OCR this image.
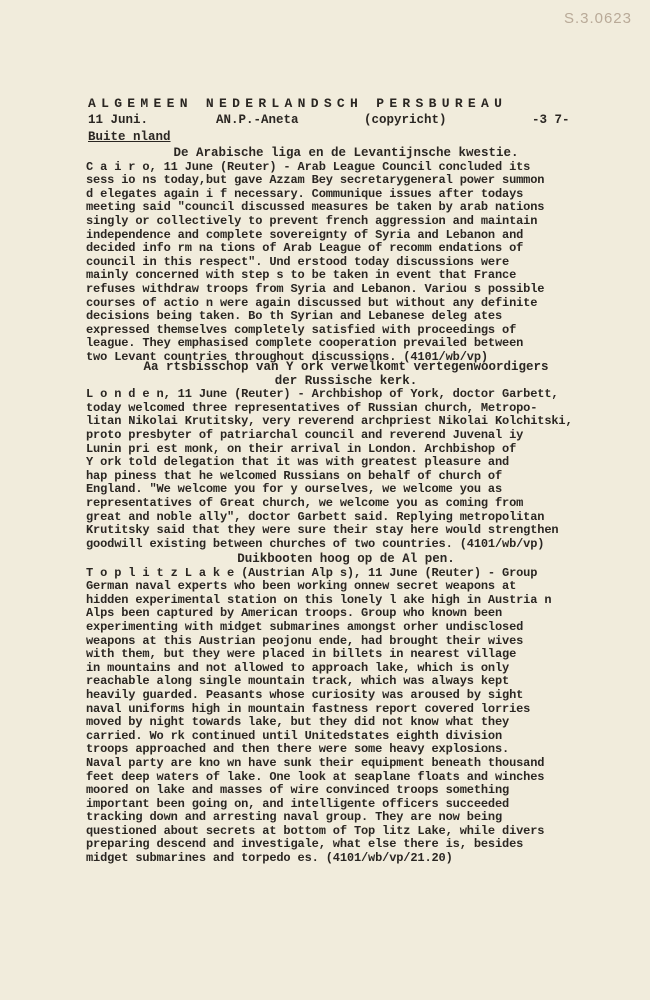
S.3.0623
ALGEMEEN NEDERLANDSCH PERSBUREAU
11 Juni.	AN.P.-Aneta	(copyricht)	-3 7-
Buite nland

De Arabische liga en de Levantijnsche kwestie.

C a i r o, 11 June (Reuter) - Arab League Council concluded its
sess io ns today,but gave Azzam Bey secretarygeneral power summon
d elegates again i f necessary. Communique issues after todays
meeting said "council discussed measures be taken by arab nations
singly or collectively to prevent french aggression and maintain
independence and complete sovereignty of Syria and Lebanon and
decided info rm na tions of Arab League of recomm endations of
council in this respect". Und erstood today discussions were
mainly concerned with step s to be taken in event that France
refuses withdraw troops from Syria and Lebanon. Variou s possible
courses of actio n were again discussed but without any definite
decisions being taken. Bo th Syrian and Lebanese deleg ates
expressed themselves completely satisfied with proceedings of
league. They emphasised complete cooperation prevailed between
two Levant countries throughout discussions. (4101/wb/vp)

Aa rtsbisschop van Y ork verwelkomt vertegenwoordigers
der Russische kerk.

L o n d e n, 11 June (Reuter) - Archbishop of York, doctor Garbett,
today welcomed three representatives of Russian church, Metropo-
litan Nikolai Krutitsky, very reverend archpriest Nikolai Kolchitski,
proto presbyter of patriarchal council and reverend Juvenal iy
Lunin pri est monk, on their arrival in London. Archbishop of
Y ork told delegation that it was with greatest pleasure and
hap piness that he welcomed Russians on behalf of church of
England. "We welcome you for y ourselves, we welcome you as
representatives of Great church, we welcome you as coming from
great and noble ally", doctor Garbett said. Replying metropolitan
Krutitsky said that they were sure their stay here would strengthen
goodwill existing between churches of two countries. (4101/wb/vp)

Duikbooten hoog op de Al pen.

T o p l i t z L a k e (Austrian Alp s), 11 June (Reuter) - Group
German naval experts who been working onnew secret weapons at
hidden experimental station on this lonely l ake high in Austria n
Alps been captured by American troops. Group who known been
experimenting with midget submarines amongst orher undisclosed
weapons at this Austrian peojonu ende, had brought their wives
with them, but they were placed in billets in nearest village
in mountains and not allowed to approach lake, which is only
reachable along single mountain track, which was always kept
heavily guarded. Peasants whose curiosity was aroused by sight
naval uniforms high in mountain fastness report covered lorries
moved by night towards lake, but they did not know what they
carried. Wo rk continued until Unitedstates eighth division
troops approached and then there were some heavy explosions.
Naval party are kno wn have sunk their equipment beneath thousand
feet deep waters of lake. One look at seaplane floats and winches
moored on lake and masses of wire convinced troops something
important been going on, and intelligente officers succeeded
tracking down and arresting naval group. They are now being
questioned about secrets at bottom of Top litz Lake, while divers
preparing descend and investigale, what else there is, besides
midget submarines and torpedo es. (4101/wb/vp/21.20)
